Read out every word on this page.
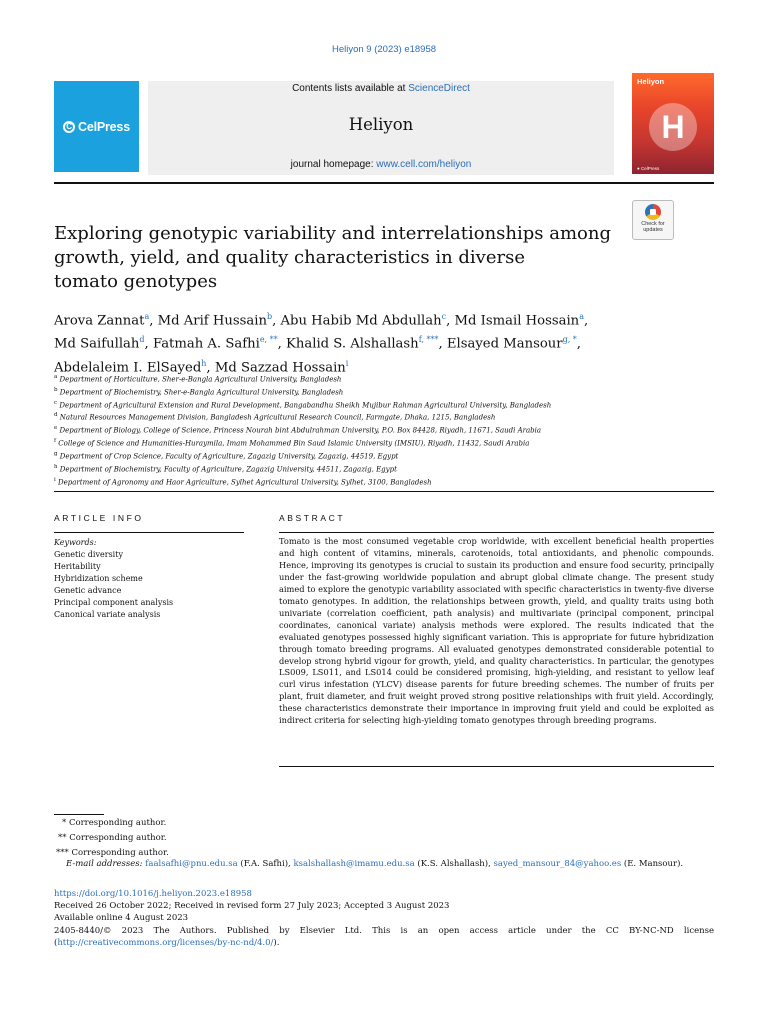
Heliyon 9 (2023) e18958
C CelPress
Contents lists available at ScienceDirect
Heliyon
journal homepage: www.cell.com/heliyon
Heliyon
H
● CelPress
Check for
updates
Exploring genotypic variability and interrelationships among
growth, yield, and quality characteristics in diverse
tomato genotypes
Arova Zannat$^a$, Md Arif Hussain$^b$, Abu Habib Md Abdullah$^c$, Md Ismail Hossain$^a$,
Md Saifullah$^d$, Fatmah A. Safhi$^{e, **}$, Khalid S. Alshallash$^{f, ***}$, Elsayed Mansour$^{g, *}$,
Abdelaleim I. ElSayed$^h$, Md Sazzad Hossain$^i$
$^a$ Department of Horticulture, Sher-e-Bangla Agricultural University, Bangladesh
$^b$ Department of Biochemistry, Sher-e-Bangla Agricultural University, Bangladesh
$^c$ Department of Agricultural Extension and Rural Development, Bangabandhu Sheikh Mujibur Rahman Agricultural University, Bangladesh
$^d$ Natural Resources Management Division, Bangladesh Agricultural Research Council, Farmgate, Dhaka, 1215, Bangladesh
$^e$ Department of Biology, College of Science, Princess Nourah bint Abdulrahman University, P.O. Box 84428, Riyadh, 11671, Saudi Arabia
$^f$ College of Science and Humanities-Huraymila, Imam Mohammed Bin Saud Islamic University (IMSIU), Riyadh, 11432, Saudi Arabia
$^g$ Department of Crop Science, Faculty of Agriculture, Zagazig University, Zagazig, 44519, Egypt
$^h$ Department of Biochemistry, Faculty of Agriculture, Zagazig University, 44511, Zagazig, Egypt
$^i$ Department of Agronomy and Haor Agriculture, Sylhet Agricultural University, Sylhet, 3100, Bangladesh
ARTICLE INFO	ABSTRACT
Keywords:
Genetic diversity
Heritability
Hybridization scheme
Genetic advance
Principal component analysis
Canonical variate analysis
Tomato is the most consumed vegetable crop worldwide, with excellent beneficial health properties and high content of vitamins, minerals, carotenoids, total antioxidants, and phenolic compounds. Hence, improving its genotypes is crucial to sustain its production and ensure food security, principally under the fast-growing worldwide population and abrupt global climate change. The present study aimed to explore the genotypic variability associated with specific characteristics in twenty-five diverse tomato genotypes. In addition, the relationships between growth, yield, and quality traits using both univariate (correlation coefficient, path analysis) and multivariate (principal component, principal coordinates, canonical variate) analysis methods were explored. The results indicated that the evaluated genotypes possessed highly significant variation. This is appropriate for future hybridization through tomato breeding programs. All evaluated genotypes demonstrated considerable potential to develop strong hybrid vigour for growth, yield, and quality characteristics. In particular, the genotypes LS009, LS011, and LS014 could be considered promising, high-yielding, and resistant to yellow leaf curl virus infestation (YLCV) disease parents for future breeding schemes. The number of fruits per plant, fruit diameter, and fruit weight proved strong positive relationships with fruit yield. Accordingly, these characteristics demonstrate their importance in improving fruit yield and could be exploited as indirect criteria for selecting high-yielding tomato genotypes through breeding programs.
* Corresponding author.
** Corresponding author.
*** Corresponding author.
E-mail addresses: faalsafhi@pnu.edu.sa (F.A. Safhi), ksalshallash@imamu.edu.sa (K.S. Alshallash), sayed_mansour_84@yahoo.es (E. Mansour).
https://doi.org/10.1016/j.heliyon.2023.e18958
Received 26 October 2022; Received in revised form 27 July 2023; Accepted 3 August 2023
Available online 4 August 2023
2405-8440/© 2023 The Authors. Published by Elsevier Ltd. This is an open access article under the CC BY-NC-ND license
(http://creativecommons.org/licenses/by-nc-nd/4.0/).
